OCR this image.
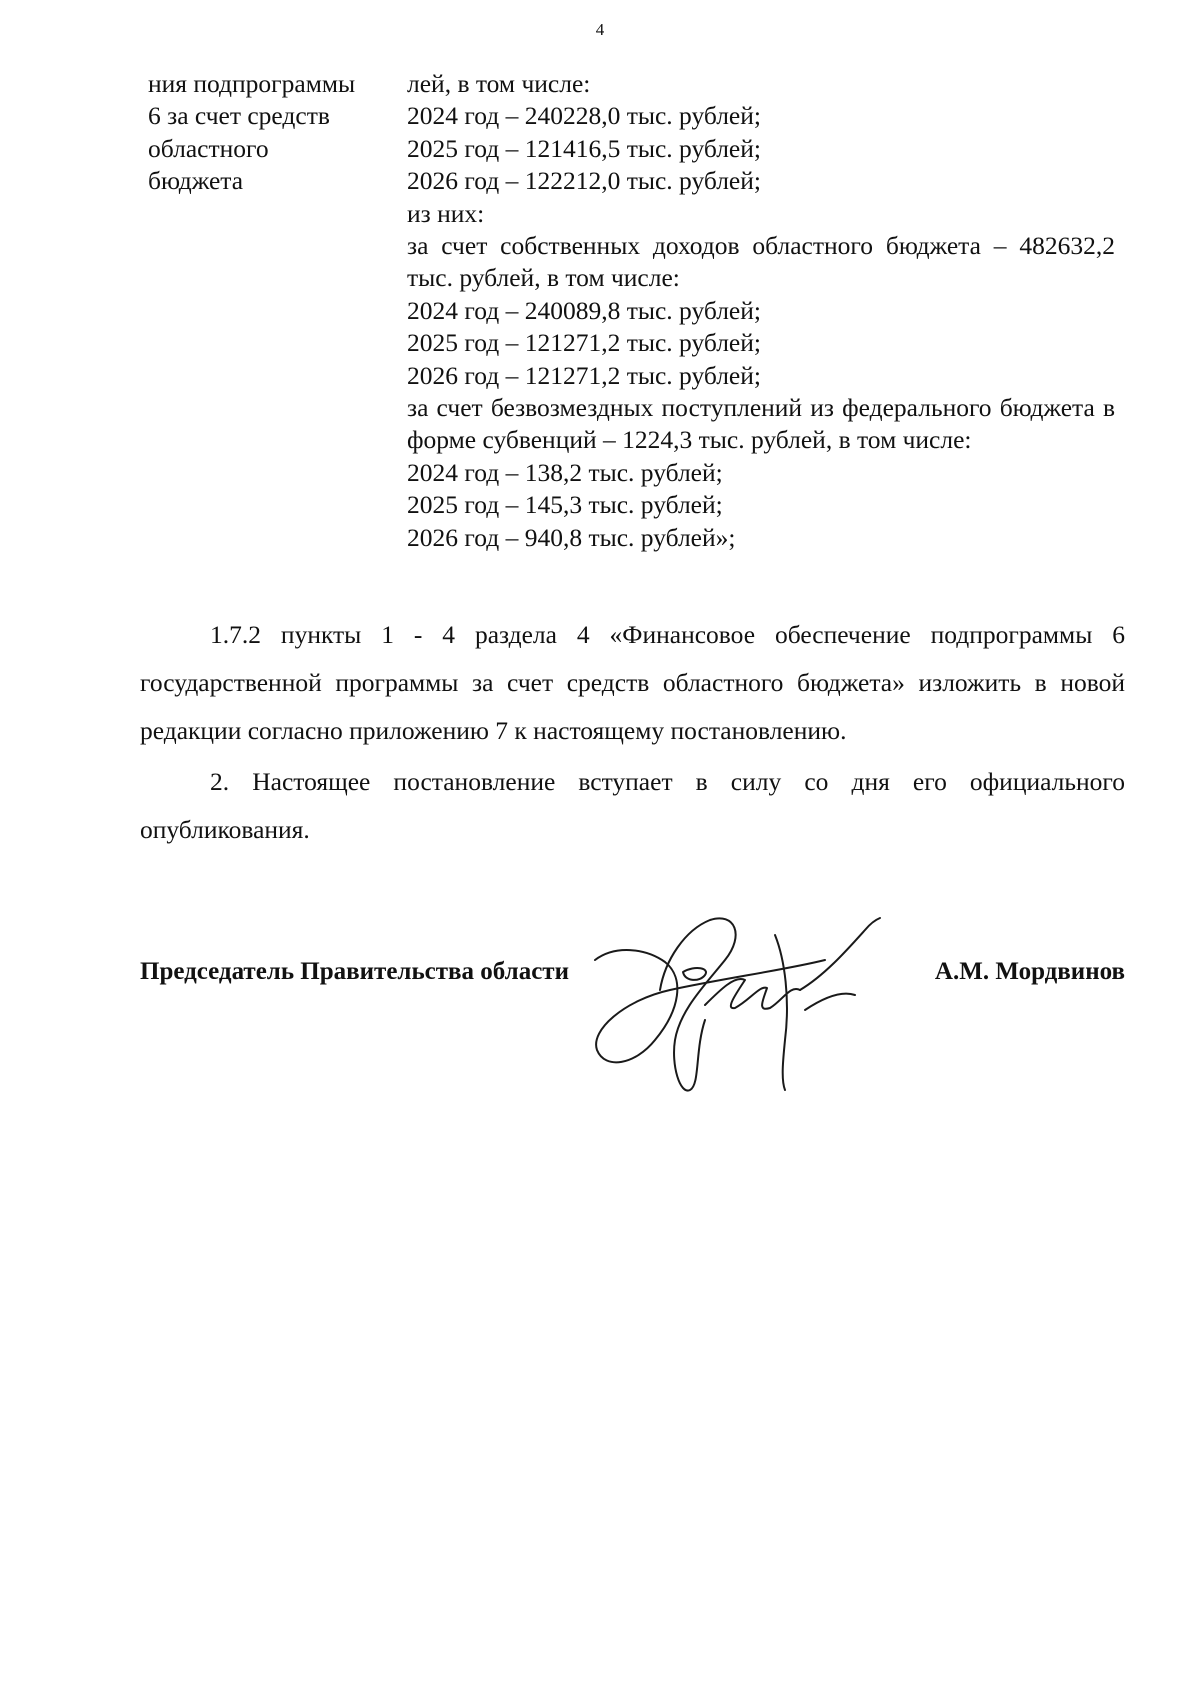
4
ния подпрограммы
6 за счет средств
областного
бюджета
лей, в том числе:
2024 год – 240228,0 тыс. рублей;
2025 год – 121416,5 тыс. рублей;
2026 год – 122212,0 тыс. рублей;
из них:
за счет собственных доходов областного бюджета – 482632,2 тыс. рублей, в том числе:
2024 год – 240089,8 тыс. рублей;
2025 год – 121271,2 тыс. рублей;
2026 год – 121271,2 тыс. рублей;
за счет безвозмездных поступлений из федерального бюджета в форме субвенций – 1224,3 тыс. рублей, в том числе:
2024 год – 138,2 тыс. рублей;
2025 год – 145,3 тыс. рублей;
2026 год – 940,8 тыс. рублей»;
1.7.2 пункты 1 - 4 раздела 4 «Финансовое обеспечение подпрограммы 6 государственной программы за счет средств областного бюджета» изложить в новой редакции согласно приложению 7 к настоящему постановлению.
2. Настоящее постановление вступает в силу со дня его официального опубликования.
Председатель Правительства области	А.М. Мордвинов
